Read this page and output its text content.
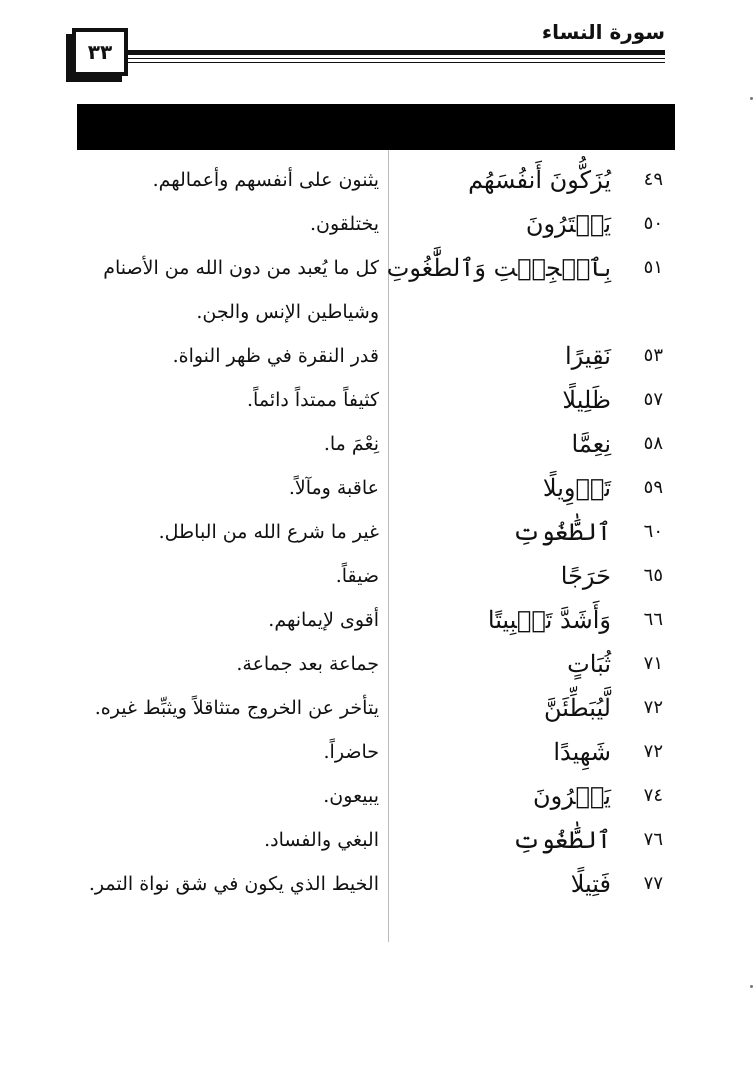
سورة النساء
٣٣
٤٩
يُزَكُّونَ أَنفُسَهُم
يثنون على أنفسهم وأعمالهم.
٥٠
يَفۡتَرُونَ
يختلقون.
٥١
بِٱلۡجِبۡتِ وَٱلطَّٰغُوتِ
كل ما يُعبد من دون الله من الأصنام وشياطين الإنس والجن.
٥٣
نَقِيرًا
قدر النقرة في ظهر النواة.
٥٧
ظَلِيلًا
كثيفاً ممتداً دائماً.
٥٨
نِعِمَّا
نِعْمَ ما.
٥٩
تَأۡوِيلًا
عاقبة ومآلاً.
٦٠
ٱلطَّٰغُوتِ
غير ما شرع الله من الباطل.
٦٥
حَرَجًا
ضيقاً.
٦٦
وَأَشَدَّ تَثۡبِيتًا
أقوى لإيمانهم.
٧١
ثُبَاتٍ
جماعة بعد جماعة.
٧٢
لَّيُبَطِّئَنَّ
يتأخر عن الخروج متثاقلاً ويثبِّط غيره.
٧٢
شَهِيدًا
حاضراً.
٧٤
يَشۡرُونَ
يبيعون.
٧٦
ٱلطَّٰغُوتِ
البغي والفساد.
٧٧
فَتِيلًا
الخيط الذي يكون في شق نواة التمر.
